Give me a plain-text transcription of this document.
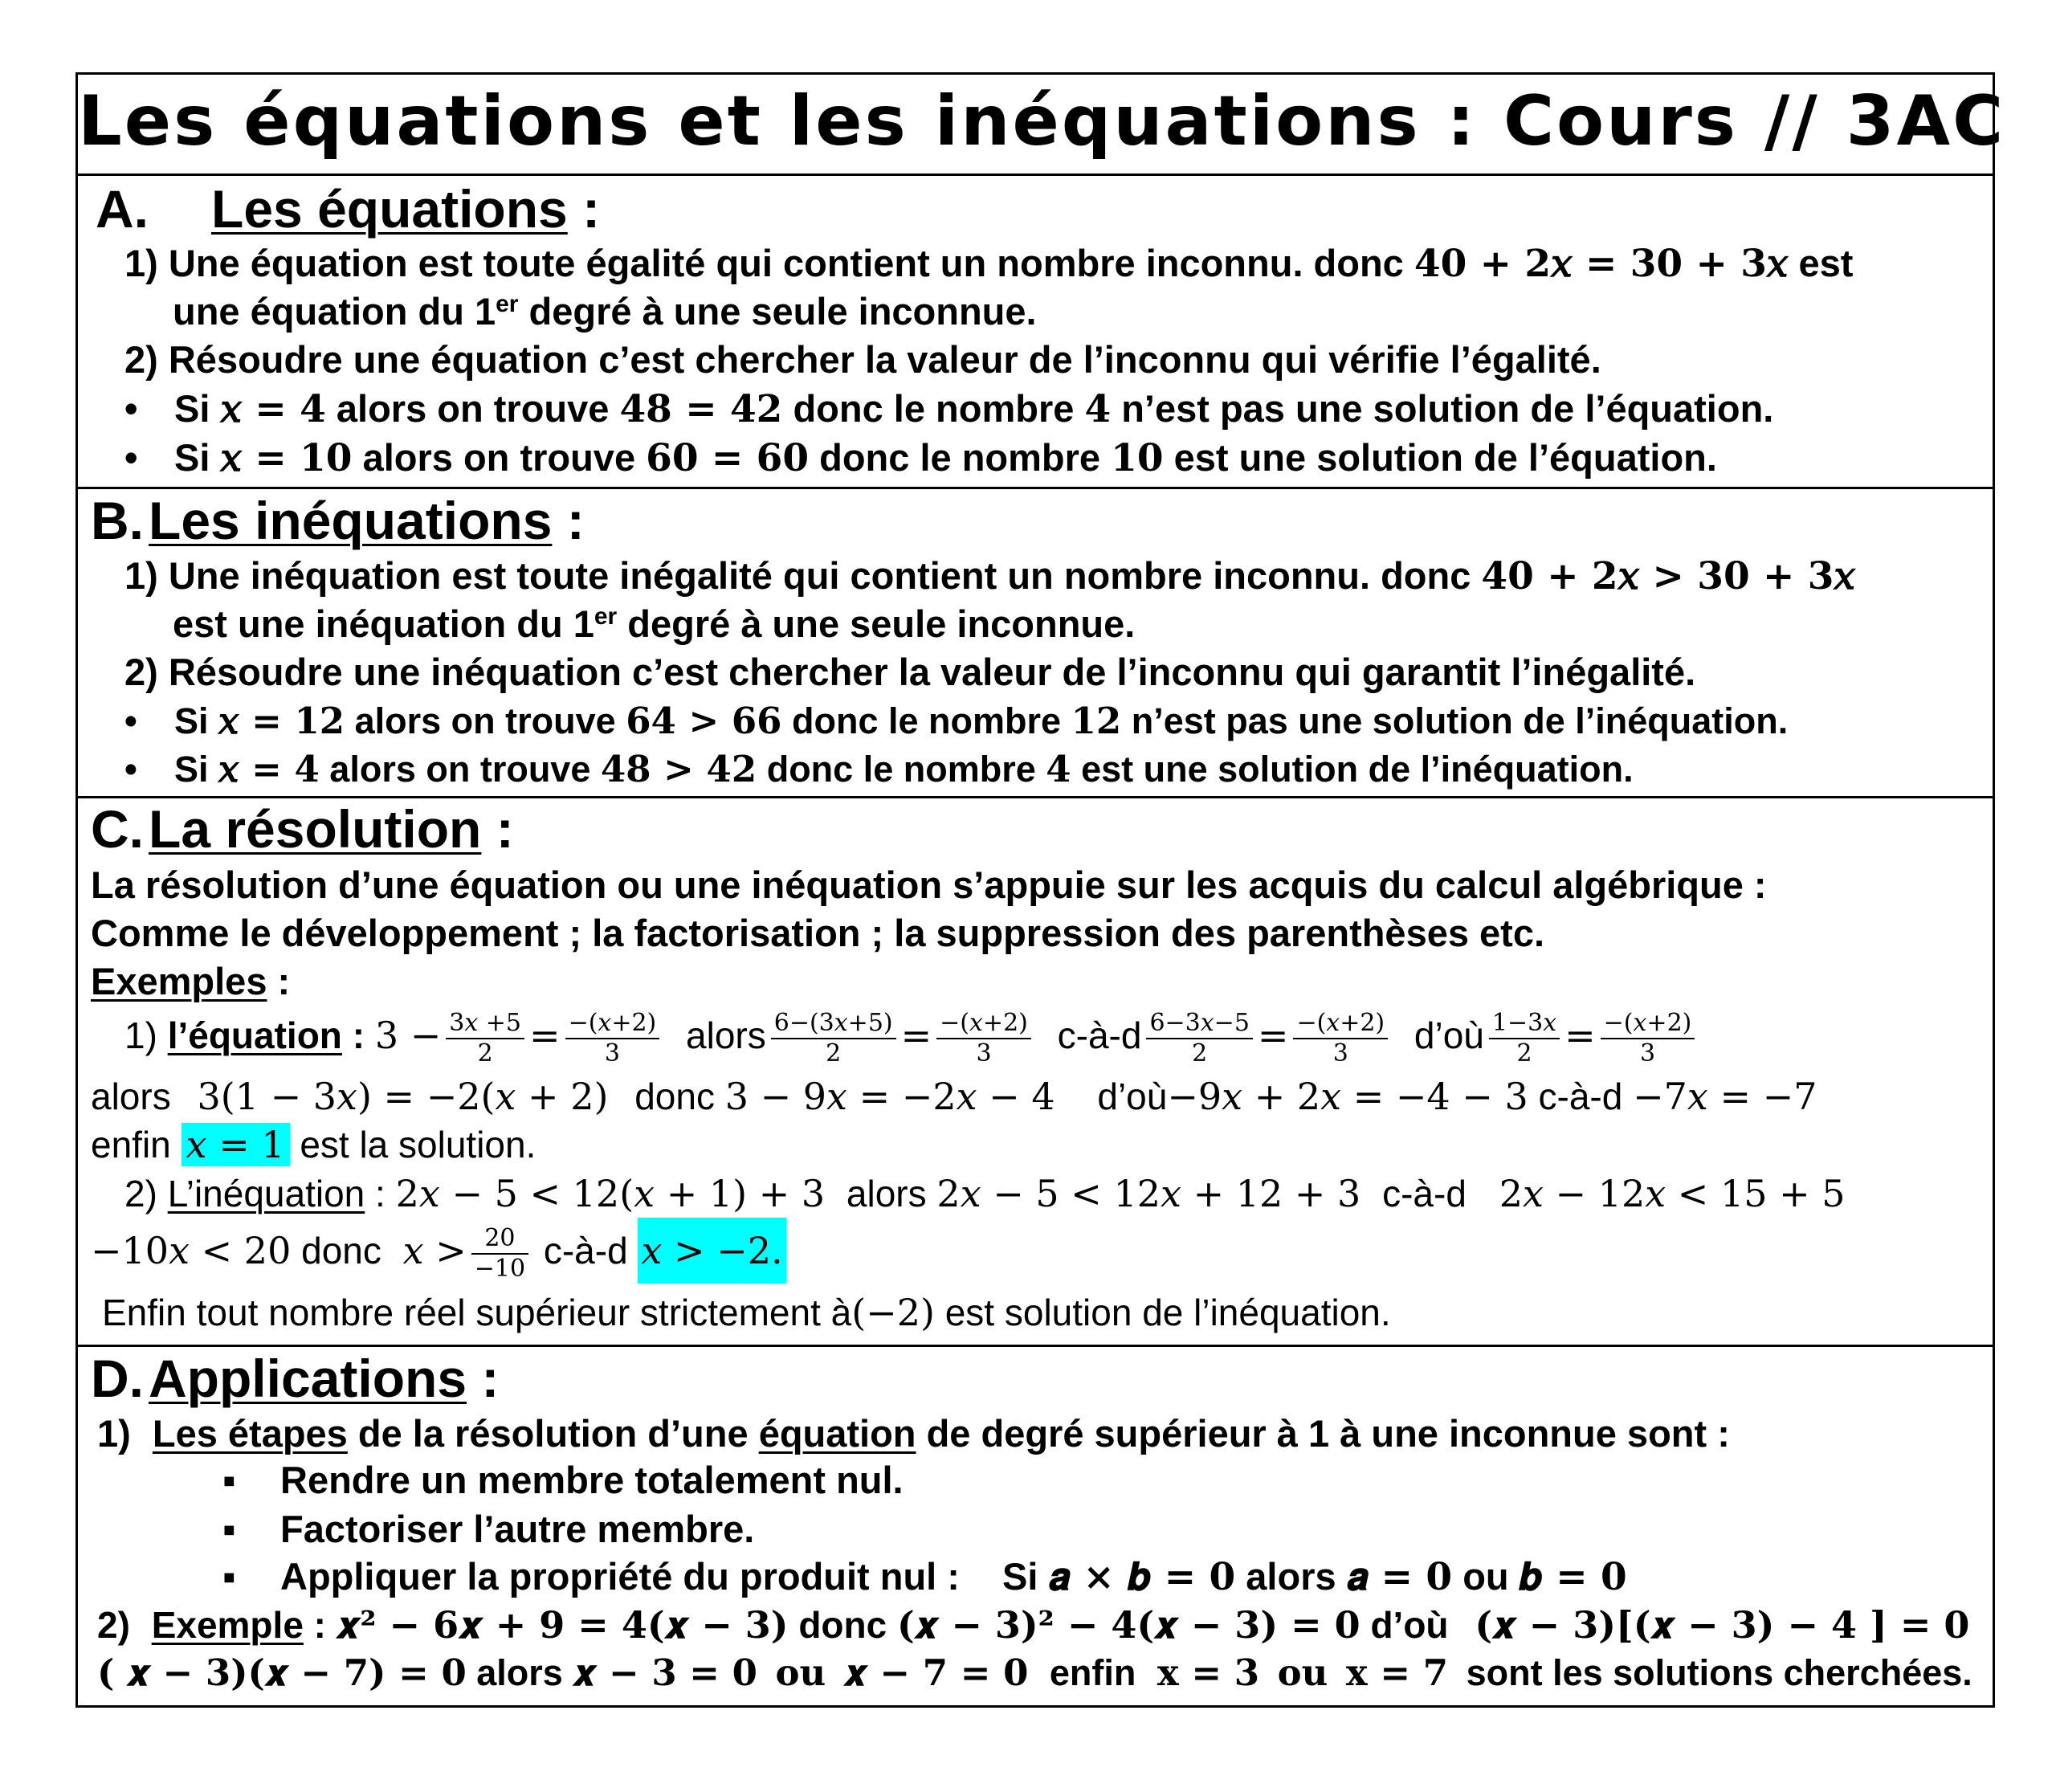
Les équations et les inéquations : Cours // 3AC
A. Les équations :
1) Une équation est toute égalité qui contient un nombre inconnu. donc 40 + 2𝑥 = 30 + 3𝑥 est
une équation du 1er degré à une seule inconnue.
2) Résoudre une équation c’est chercher la valeur de l’inconnu qui vérifie l’égalité.
• Si 𝑥 = 4 alors on trouve 48 = 42 donc le nombre 4 n’est pas une solution de l’équation.
• Si 𝑥 = 10 alors on trouve 60 = 60 donc le nombre 10 est une solution de l’équation.
B.Les inéquations :
1) Une inéquation est toute inégalité qui contient un nombre inconnu. donc 40 + 2𝑥 > 30 + 3𝑥
est une inéquation du 1er degré à une seule inconnue.
2) Résoudre une inéquation c’est chercher la valeur de l’inconnu qui garantit l’inégalité.
• Si 𝑥 = 12 alors on trouve 64 > 66 donc le nombre 12 n’est pas une solution de l’inéquation.
• Si 𝑥 = 4 alors on trouve 48 > 42 donc le nombre 4 est une solution de l’inéquation.
C.La résolution :
La résolution d’une équation ou une inéquation s’appuie sur les acquis du calcul algébrique :
Comme le développement ; la factorisation ; la suppression des parenthèses etc.
Exemples :
1) l’équation : $3 - \frac{\text{3𝑥 +5}}{2} = \frac{\text{−(𝑥+2)}}{3}$ alors $\frac{\text{6−(3𝑥+5)}}{2} = \frac{\text{−(𝑥+2)}}{3}$ c-à-d $\frac{\text{6−3𝑥−5}}{2} = \frac{\text{−(𝑥+2)}}{3}$ d’où $\frac{\text{1−3𝑥}}{2} = \frac{\text{−(𝑥+2)}}{3}$
alors 3(1 − 3𝑥) = −2(𝑥 + 2) donc 3 − 9𝑥 = −2𝑥 − 4 d’où−9𝑥 + 2𝑥 = −4 − 3 c-à-d −7𝑥 = −7
enfin 𝑥 = 1 est la solution.
2) L’inéquation : 2𝑥 − 5 < 12(𝑥 + 1) + 3 alors 2𝑥 − 5 < 12𝑥 + 12 + 3 c-à-d 2𝑥 − 12𝑥 < 15 + 5
−10𝑥 < 20 donc 𝑥 > $\frac{20}{-10}$ c-à-d 𝑥 > −2.
Enfin tout nombre réel supérieur strictement à(−2) est solution de l’inéquation.
D.Applications :
1) Les étapes de la résolution d’une équation de degré supérieur à 1 à une inconnue sont :
▪ Rendre un membre totalement nul.
▪ Factoriser l’autre membre.
▪ Appliquer la propriété du produit nul : Si 𝒂 × 𝒃 = 𝟎 alors 𝒂 = 𝟎 ou 𝒃 = 𝟎
2) Exemple : 𝒙² − 𝟔𝒙 + 𝟗 = 𝟒(𝒙 − 𝟑) donc (𝒙 − 𝟑)² − 𝟒(𝒙 − 𝟑) = 𝟎 d’où (𝒙 − 𝟑)[(𝒙 − 𝟑) − 𝟒 ] = 𝟎
( 𝒙 − 𝟑)(𝒙 − 𝟕) = 𝟎 alors 𝒙 − 𝟑 = 𝟎 ou 𝒙 − 𝟕 = 𝟎 enfin 𝐱 = 𝟑 ou 𝐱 = 𝟕 sont les solutions cherchées.
